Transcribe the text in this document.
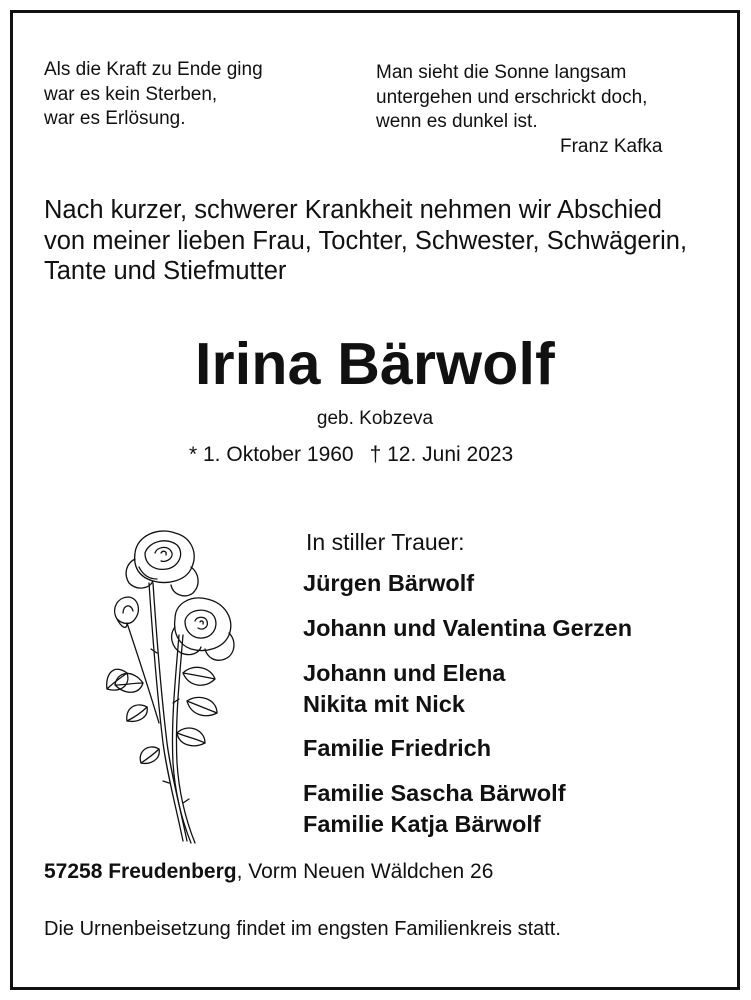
Als die Kraft zu Ende ging
war es kein Sterben,
war es Erlösung.
Man sieht die Sonne langsam
untergehen und erschrickt doch,
wenn es dunkel ist.
Franz Kafka
Nach kurzer, schwerer Krankheit nehmen wir Abschied
von meiner lieben Frau, Tochter, Schwester, Schwägerin,
Tante und Stiefmutter
Irina Bärwolf
geb. Kobzeva
* 1. Oktober 1960 † 12. Juni 2023
In stiller Trauer:
Jürgen Bärwolf
Johann und Valentina Gerzen
Johann und Elena
Nikita mit Nick
Familie Friedrich
Familie Sascha Bärwolf
Familie Katja Bärwolf
57258 Freudenberg, Vorm Neuen Wäldchen 26
Die Urnenbeisetzung findet im engsten Familienkreis statt.
